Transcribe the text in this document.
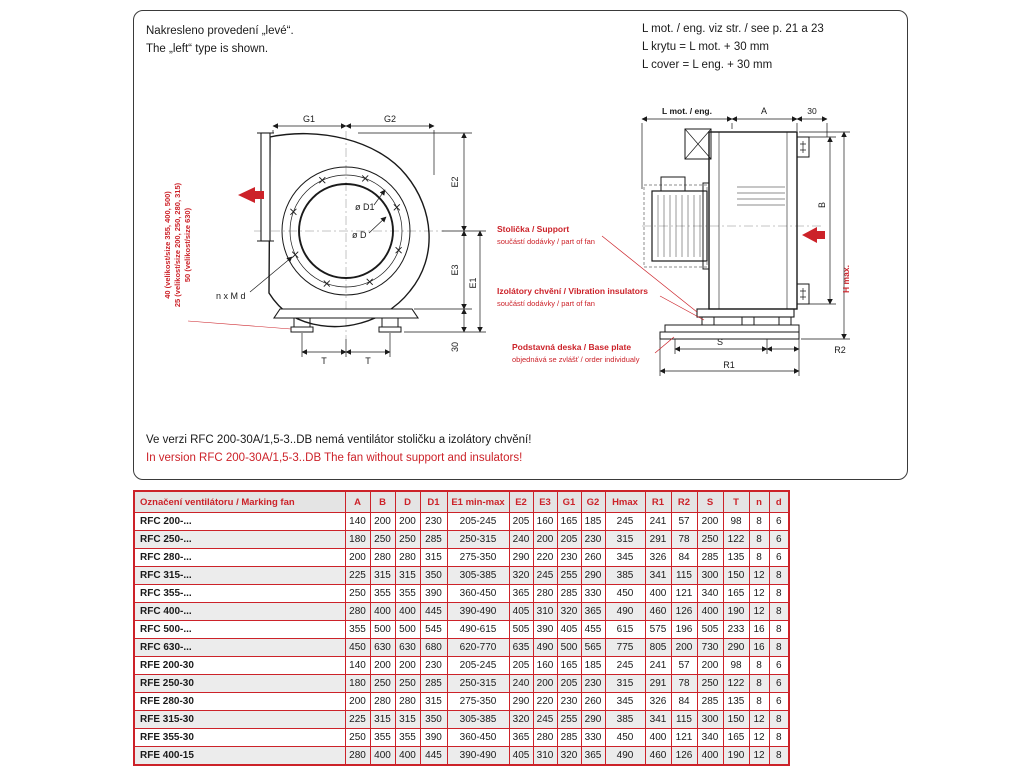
Nakresleno provedení „levé“.
The „left“ type is shown.
L mot. / eng. viz str. / see p. 21 a 23
L krytu = L mot. + 30 mm
L cover = L eng. + 30 mm
G1	G2
E2
E3
E1
30
ø D1
ø D
n x M d
T	T
40 (velikost/size 355, 400, 500) 25 (velikost/size 200, 250, 280, 315) 50 (velikost/size 630)
L mot. / eng.	A	30
B
H max.
S
R2
R1
Stolička / Support
součástí dodávky / part of fan
Izolátory chvění / Vibration insulators
součástí dodávky / part of fan
Podstavná deska / Base plate
objednává se zvlášť / order individualy
Ve verzi RFC 200-30A/1,5-3..DB nemá ventilátor stoličku a izolátory chvění!
In version RFC 200-30A/1,5-3..DB The fan without support and insulators!
Označení ventilátoru / Marking fan	A	B	D	D1	E1 min-max	E2	E3	G1	G2	Hmax	R1	R2	S	T	n	d
RFC 200-...	140	200	200	230	205-245	205	160	165	185	245	241	57	200	98	8	6
RFC 250-...	180	250	250	285	250-315	240	200	205	230	315	291	78	250	122	8	6
RFC 280-...	200	280	280	315	275-350	290	220	230	260	345	326	84	285	135	8	6
RFC 315-...	225	315	315	350	305-385	320	245	255	290	385	341	115	300	150	12	8
RFC 355-...	250	355	355	390	360-450	365	280	285	330	450	400	121	340	165	12	8
RFC 400-...	280	400	400	445	390-490	405	310	320	365	490	460	126	400	190	12	8
RFC 500-...	355	500	500	545	490-615	505	390	405	455	615	575	196	505	233	16	8
RFC 630-...	450	630	630	680	620-770	635	490	500	565	775	805	200	730	290	16	8
RFE 200-30	140	200	200	230	205-245	205	160	165	185	245	241	57	200	98	8	6
RFE 250-30	180	250	250	285	250-315	240	200	205	230	315	291	78	250	122	8	6
RFE 280-30	200	280	280	315	275-350	290	220	230	260	345	326	84	285	135	8	6
RFE 315-30	225	315	315	350	305-385	320	245	255	290	385	341	115	300	150	12	8
RFE 355-30	250	355	355	390	360-450	365	280	285	330	450	400	121	340	165	12	8
RFE 400-15	280	400	400	445	390-490	405	310	320	365	490	460	126	400	190	12	8
